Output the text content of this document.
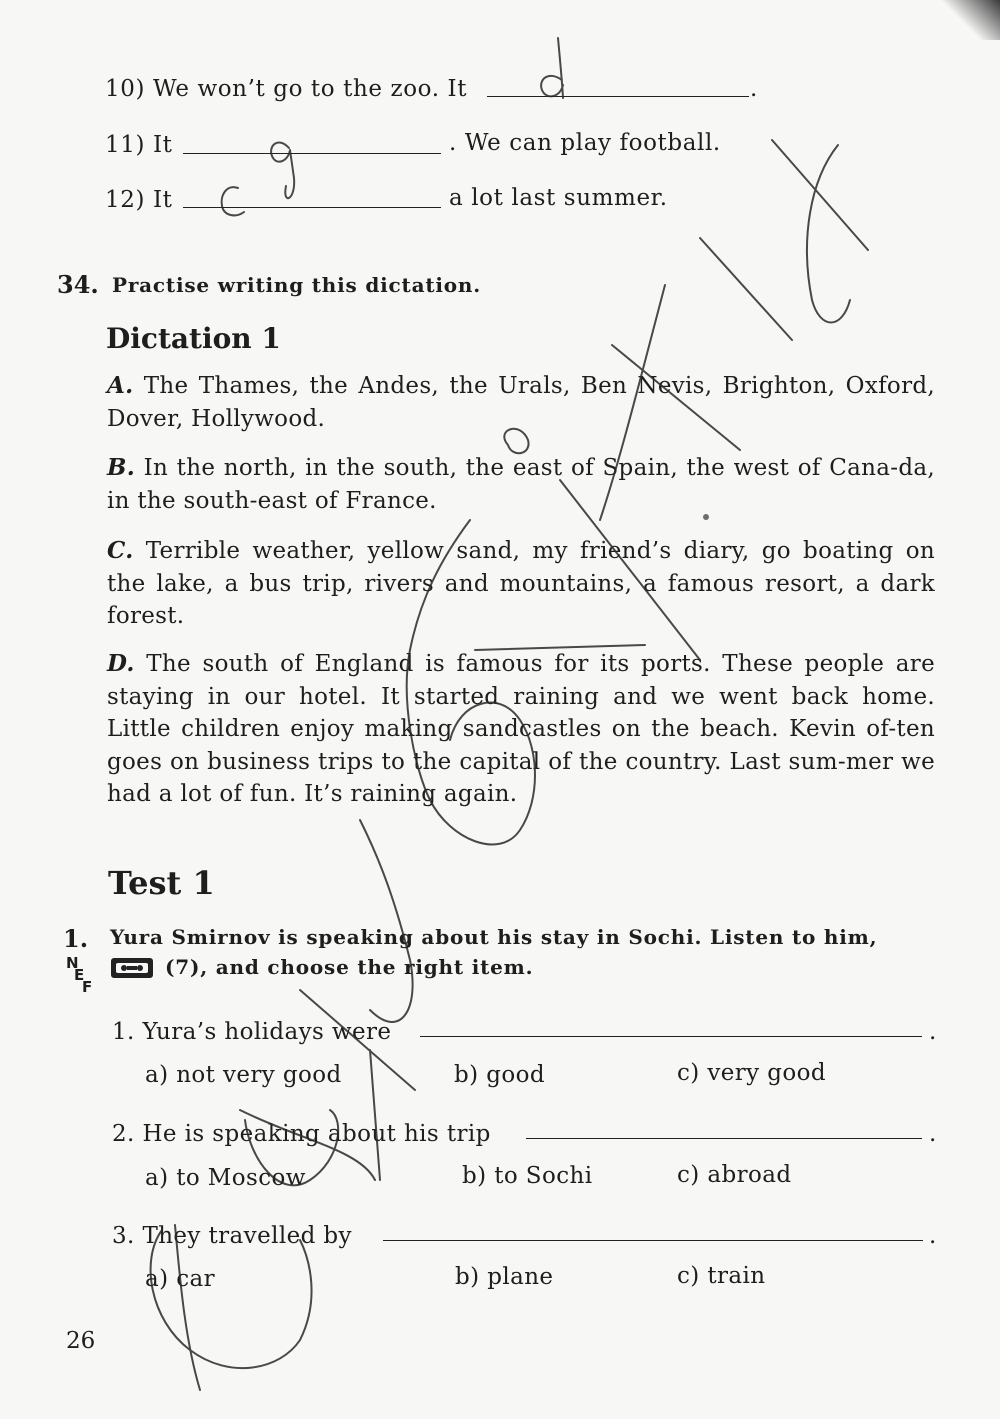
10) We won’t go to the zoo. It	.
11) It	. We can play football.
12) It	a lot last summer.
34. Practise writing this dictation.
Dictation 1
A. The Thames, the Andes, the Urals, Ben Nevis, Brighton, Oxford, Dover, Hollywood.
B. In the north, in the south, the east of Spain, the west of Cana-da, in the south-east of France.
C. Terrible weather, yellow sand, my friend’s diary, go boating on the lake, a bus trip, rivers and mountains, a famous resort, a dark forest.
D. The south of England is famous for its ports. These people are staying in our hotel. It started raining and we went back home. Little children enjoy making sandcastles on the beach. Kevin of-ten goes on business trips to the capital of the country. Last sum-mer we had a lot of fun. It’s raining again.
Test 1
1. Yura Smirnov is speaking about his stay in Sochi. Listen to him,
N
E
F
(7), and choose the right item.
1. Yura’s holidays were	.
a) not very good	b) good	c) very good
2. He is speaking about his trip	.
a) to Moscow	b) to Sochi	c) abroad
3. They travelled by	.
a) car	b) plane	c) train
26
